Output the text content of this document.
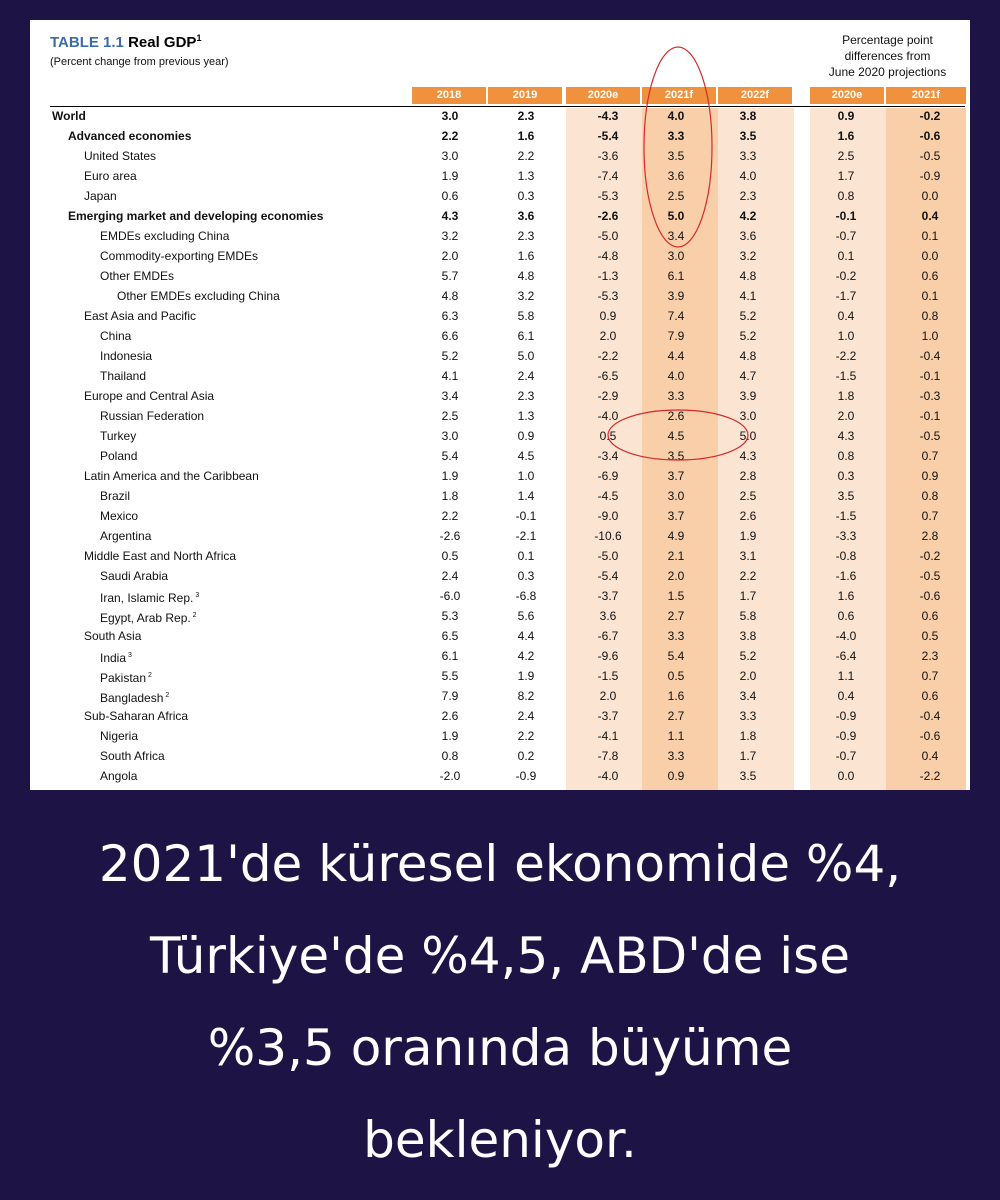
TABLE 1.1 Real GDP$^1$
(Percent change from previous year)
Percentage point
differences from
June 2020 projections
2018	2019	2020e	2021f	2022f	2020e	2021f
World	3.0	2.3	-4.3	4.0	3.8	0.9	-0.2
Advanced economies	2.2	1.6	-5.4	3.3	3.5	1.6	-0.6
United States	3.0	2.2	-3.6	3.5	3.3	2.5	-0.5
Euro area	1.9	1.3	-7.4	3.6	4.0	1.7	-0.9
Japan	0.6	0.3	-5.3	2.5	2.3	0.8	0.0
Emerging market and developing economies	4.3	3.6	-2.6	5.0	4.2	-0.1	0.4
EMDEs excluding China	3.2	2.3	-5.0	3.4	3.6	-0.7	0.1
Commodity-exporting EMDEs	2.0	1.6	-4.8	3.0	3.2	0.1	0.0
Other EMDEs	5.7	4.8	-1.3	6.1	4.8	-0.2	0.6
Other EMDEs excluding China	4.8	3.2	-5.3	3.9	4.1	-1.7	0.1
East Asia and Pacific	6.3	5.8	0.9	7.4	5.2	0.4	0.8
China	6.6	6.1	2.0	7.9	5.2	1.0	1.0
Indonesia	5.2	5.0	-2.2	4.4	4.8	-2.2	-0.4
Thailand	4.1	2.4	-6.5	4.0	4.7	-1.5	-0.1
Europe and Central Asia	3.4	2.3	-2.9	3.3	3.9	1.8	-0.3
Russian Federation	2.5	1.3	-4.0	2.6	3.0	2.0	-0.1
Turkey	3.0	0.9	0.5	4.5	5.0	4.3	-0.5
Poland	5.4	4.5	-3.4	3.5	4.3	0.8	0.7
Latin America and the Caribbean	1.9	1.0	-6.9	3.7	2.8	0.3	0.9
Brazil	1.8	1.4	-4.5	3.0	2.5	3.5	0.8
Mexico	2.2	-0.1	-9.0	3.7	2.6	-1.5	0.7
Argentina	-2.6	-2.1	-10.6	4.9	1.9	-3.3	2.8
Middle East and North Africa	0.5	0.1	-5.0	2.1	3.1	-0.8	-0.2
Saudi Arabia	2.4	0.3	-5.4	2.0	2.2	-1.6	-0.5
Iran, Islamic Rep. $^3$	-6.0	-6.8	-3.7	1.5	1.7	1.6	-0.6
Egypt, Arab Rep. $^2$	5.3	5.6	3.6	2.7	5.8	0.6	0.6
South Asia	6.5	4.4	-6.7	3.3	3.8	-4.0	0.5
India $^3$	6.1	4.2	-9.6	5.4	5.2	-6.4	2.3
Pakistan $^2$	5.5	1.9	-1.5	0.5	2.0	1.1	0.7
Bangladesh $^2$	7.9	8.2	2.0	1.6	3.4	0.4	0.6
Sub-Saharan Africa	2.6	2.4	-3.7	2.7	3.3	-0.9	-0.4
Nigeria	1.9	2.2	-4.1	1.1	1.8	-0.9	-0.6
South Africa	0.8	0.2	-7.8	3.3	1.7	-0.7	0.4
Angola	-2.0	-0.9	-4.0	0.9	3.5	0.0	-2.2
2021'de küresel ekonomide %4,
Türkiye'de %4,5, ABD'de ise
%3,5 oranında büyüme
bekleniyor.
